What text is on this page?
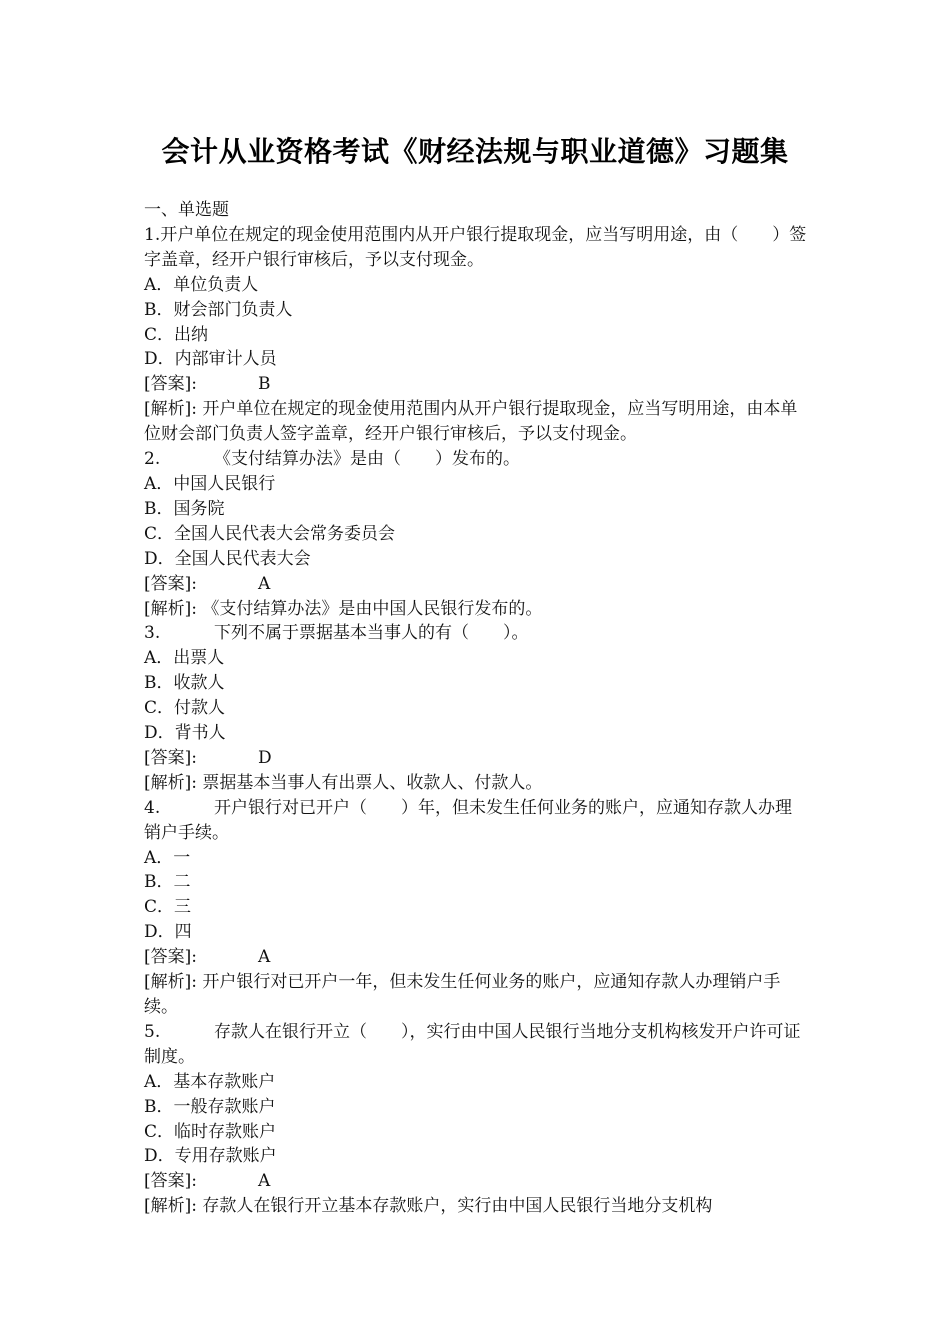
会计从业资格考试《财经法规与职业道德》习题集
一、单选题
1.开户单位在规定的现金使用范围内从开户银行提取现金，应当写明用途，由（　　）签字盖章，经开户银行审核后，予以支付现金。
A．单位负责人
B．财会部门负责人
C．出纳
D．内部审计人员
[答案]:	B
[解析]: 开户单位在规定的现金使用范围内从开户银行提取现金，应当写明用途，由本单位财会部门负责人签字盖章，经开户银行审核后，予以支付现金。
2.	《支付结算办法》是由（　　）发布的。
A．中国人民银行
B．国务院
C．全国人民代表大会常务委员会
D．全国人民代表大会
[答案]:	A
[解析]: 《支付结算办法》是由中国人民银行发布的。
3.	下列不属于票据基本当事人的有（　　）。
A．出票人
B．收款人
C．付款人
D．背书人
[答案]:	D
[解析]: 票据基本当事人有出票人、收款人、付款人。
4.	开户银行对已开户（　　）年，但未发生任何业务的账户，应通知存款人办理销户手续。
A．一
B．二
C．三
D．四
[答案]:	A
[解析]: 开户银行对已开户一年，但未发生任何业务的账户，应通知存款人办理销户手续。
5.	存款人在银行开立（　　），实行由中国人民银行当地分支机构核发开户许可证制度。
A．基本存款账户
B．一般存款账户
C．临时存款账户
D．专用存款账户
[答案]:	A
[解析]: 存款人在银行开立基本存款账户，实行由中国人民银行当地分支机构
